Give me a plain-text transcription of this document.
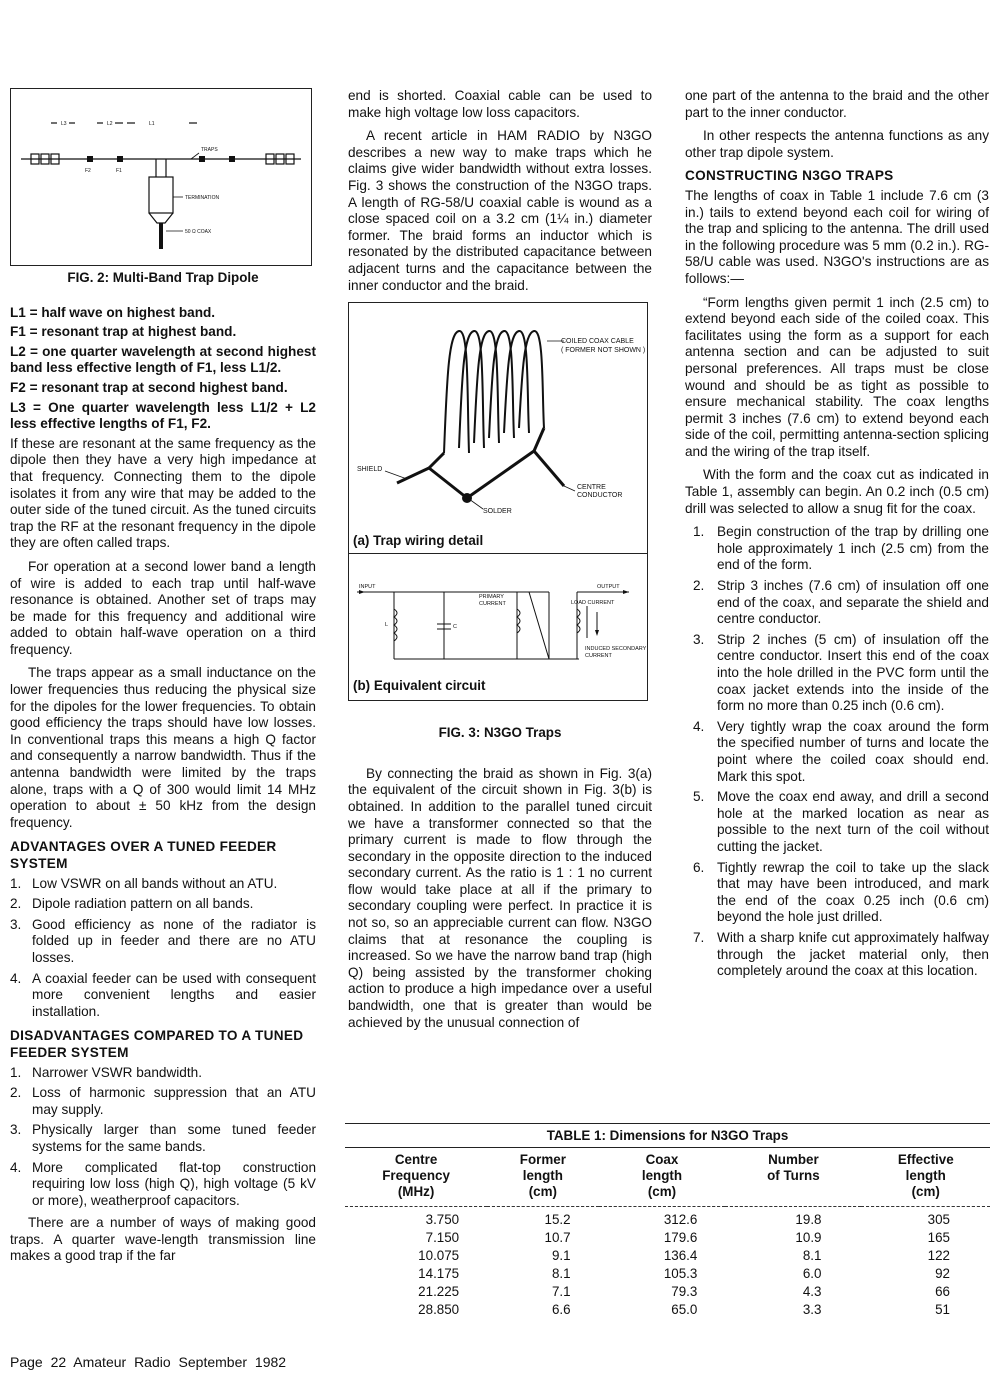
L3	L2	L1
F2	F1
TRAPS
TERMINATION
50 Ω COAX
FIG. 2: Multi-Band Trap Dipole

L1 = half wave on highest band.

F1 = resonant trap at highest band.

L2 = one quarter wavelength at second highest band less effective length of F1, less L1/2.

F2 = resonant trap at second highest band.

L3 = One quarter wavelength less L1/2 + L2 less effective lengths of F1, F2.

If these are resonant at the same frequency as the dipole then they have a very high impedance at that frequency. Connecting them to the dipole isolates it from any wire that may be added to the outer side of the tuned circuit. As the tuned circuits trap the RF at the resonant frequency in the dipole they are often called traps.

For operation at a second lower band a length of wire is added to each trap until half-wave resonance is obtained. Another set of traps may be made for this frequency and additional wire added to obtain half-wave operation on a third frequency.

The traps appear as a small inductance on the lower frequencies thus reducing the physical size for the dipoles for the lower frequencies. To obtain good efficiency the traps should have low losses. In conventional traps this means a high Q factor and consequently a narrow bandwidth. Thus if the antenna bandwidth were limited by the traps alone, traps with a Q of 300 would limit 14 MHz operation to about ± 50 kHz from the design frequency.

ADVANTAGES OVER A TUNED FEEDER SYSTEM
1. Low VSWR on all bands without an ATU.
2. Dipole radiation pattern on all bands.
3. Good efficiency as none of the radiator is folded up in feeder and there are no ATU losses.
4. A coaxial feeder can be used with consequent more convenient lengths and easier installation.
DISADVANTAGES COMPARED TO A TUNED FEEDER SYSTEM
1. Narrower VSWR bandwidth.
2. Loss of harmonic suppression that an ATU may supply.
3. Physically larger than some tuned feeder systems for the same bands.
4. More complicated flat-top construction requiring low loss (high Q), high voltage (5 kV or more), weatherproof capacitors.

There are a number of ways of making good traps. A quarter wave-length transmission line makes a good trap if the far

end is shorted. Coaxial cable can be used to make high voltage low loss capacitors.

A recent article in HAM RADIO by N3GO describes a new way to make traps which he claims give wider bandwidth without extra losses. Fig. 3 shows the construction of the N3GO traps. A length of RG-58/U coaxial cable is wound as a close spaced coil on a 3.2 cm (1¼ in.) diameter former. The braid forms an inductor which is resonated by the distributed capacitance between adjacent turns and the capacitance between the inner conductor and the braid.

COILED COAX CABLE
( FORMER NOT SHOWN )
SHIELD
SOLDER
CENTRE
CONDUCTOR
(a) Trap wiring detail
INPUT	OUTPUT
PRIMARY
CURRENT	LOAD CURRENT
INDUCED SECONDARY
CURRENT
L	C
(b) Equivalent circuit
FIG. 3: N3GO Traps

By connecting the braid as shown in Fig. 3(a) the equivalent of the circuit shown in Fig. 3(b) is obtained. In addition to the parallel tuned circuit we have a transformer connected so that the primary current is made to flow through the secondary in the opposite direction to the induced secondary current. As the ratio is 1 : 1 no current flow would take place at all if the primary to secondary coupling were perfect. In practice it is not so, so an appreciable current can flow. N3GO claims that at resonance the coupling is increased. So we have the narrow band trap (high Q) being assisted by the transformer choking action to produce a high impedance over a useful bandwidth, one that is greater than would be achieved by the unusual connection of

one part of the antenna to the braid and the other part to the inner conductor.

In other respects the antenna functions as any other trap dipole system.

CONSTRUCTING N3GO TRAPS

The lengths of coax in Table 1 include 7.6 cm (3 in.) tails to extend beyond each coil for wiring of the trap and splicing to the antenna. The drill used in the following procedure was 5 mm (0.2 in.). RG-58/U cable was used. N3GO's instructions are as follows:—

“Form lengths given permit 1 inch (2.5 cm) to extend beyond each side of the coiled coax. This facilitates using the form as a support for each antenna section and can be adjusted to suit personal preferences. All traps must be close wound and should be as tight as possible to ensure mechanical stability. The coax lengths permit 3 inches (7.6 cm) to extend beyond each side of the coil, permitting antenna-section splicing and the wiring of the trap itself.

With the form and the coax cut as indicated in Table 1, assembly can begin. An 0.2 inch (0.5 cm) drill was selected to allow a snug fit for the coax.

1. Begin construction of the trap by drilling one hole approximately 1 inch (2.5 cm) from the end of the form.
2. Strip 3 inches (7.6 cm) of insulation off one end of the coax, and separate the shield and centre conductor.
3. Strip 2 inches (5 cm) of insulation off the centre conductor. Insert this end of the coax into the hole drilled in the PVC form until the coax jacket extends into the inside of the form no more than 0.25 inch (0.6 cm).
4. Very tightly wrap the coax around the form the specified number of turns and locate the point where the coiled coax should end. Mark this spot.
5. Move the coax end away, and drill a second hole at the marked location as near as possible to the next turn of the coil without cutting the jacket.
6. Tightly rewrap the coil to take up the slack that may have been introduced, and mark the end of the coax 0.25 inch (0.6 cm) beyond the hole just drilled.
7. With a sharp knife cut approximately halfway through the jacket material only, then completely around the coax at this location.
TABLE 1: Dimensions for N3GO Traps
Centre
Frequency
(MHz)	Former
length
(cm)	Coax
length
(cm)	Number
of Turns	Effective
length
(cm)
3.750	15.2	312.6	19.8	305
7.150	10.7	179.6	10.9	165
10.075	9.1	136.4	8.1	122
14.175	8.1	105.3	6.0	92
21.225	7.1	79.3	4.3	66
28.850	6.6	65.0	3.3	51
Page 22 Amateur Radio September 1982
